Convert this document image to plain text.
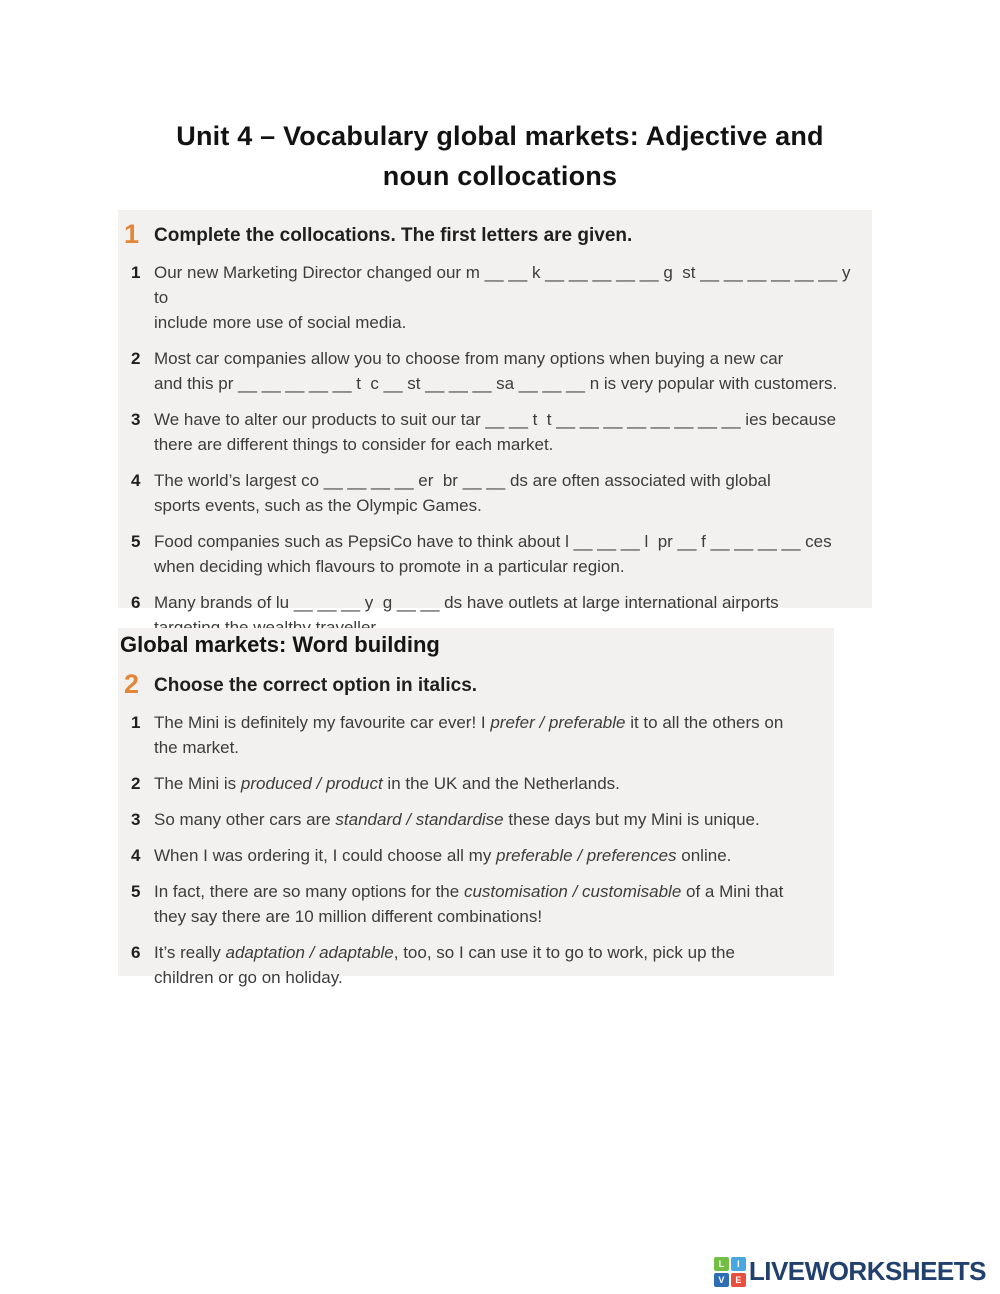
Unit 4 – Vocabulary global markets: Adjective and
noun collocations
1 Complete the collocations. The first letters are given.
1 Our new Marketing Director changed our m __ __ k __ __ __ __ __ g  st __ __ __ __ __ __ y to
include more use of social media.
2 Most car companies allow you to choose from many options when buying a new car
and this pr __ __ __ __ __ t  c __ st __ __ __ sa __ __ __ n is very popular with customers.
3 We have to alter our products to suit our tar __ __ t  t __ __ __ __ __ __ __ __ ies because
there are different things to consider for each market.
4 The world’s largest co __ __ __ __ er  br __ __ ds are often associated with global
sports events, such as the Olympic Games.
5 Food companies such as PepsiCo have to think about l __ __ __ l  pr __ f __ __ __ __ ces
when deciding which flavours to promote in a particular region.
6 Many brands of lu __ __ __ y  g __ __ ds have outlets at large international airports
Global markets: Word building
2 Choose the correct option in italics.
1 The Mini is definitely my favourite car ever! I prefer / preferable it to all the others on
the market.
2 The Mini is produced / product in the UK and the Netherlands.
3 So many other cars are standard / standardise these days but my Mini is unique.
4 When I was ordering it, I could choose all my preferable / preferences online.
5 In fact, there are so many options for the customisation / customisable of a Mini that
they say there are 10 million different combinations!
6 It’s really adaptation / adaptable, too, so I can use it to go to work, pick up the
children or go on holiday.
L	I
V	E LIVEWORKSHEETS
